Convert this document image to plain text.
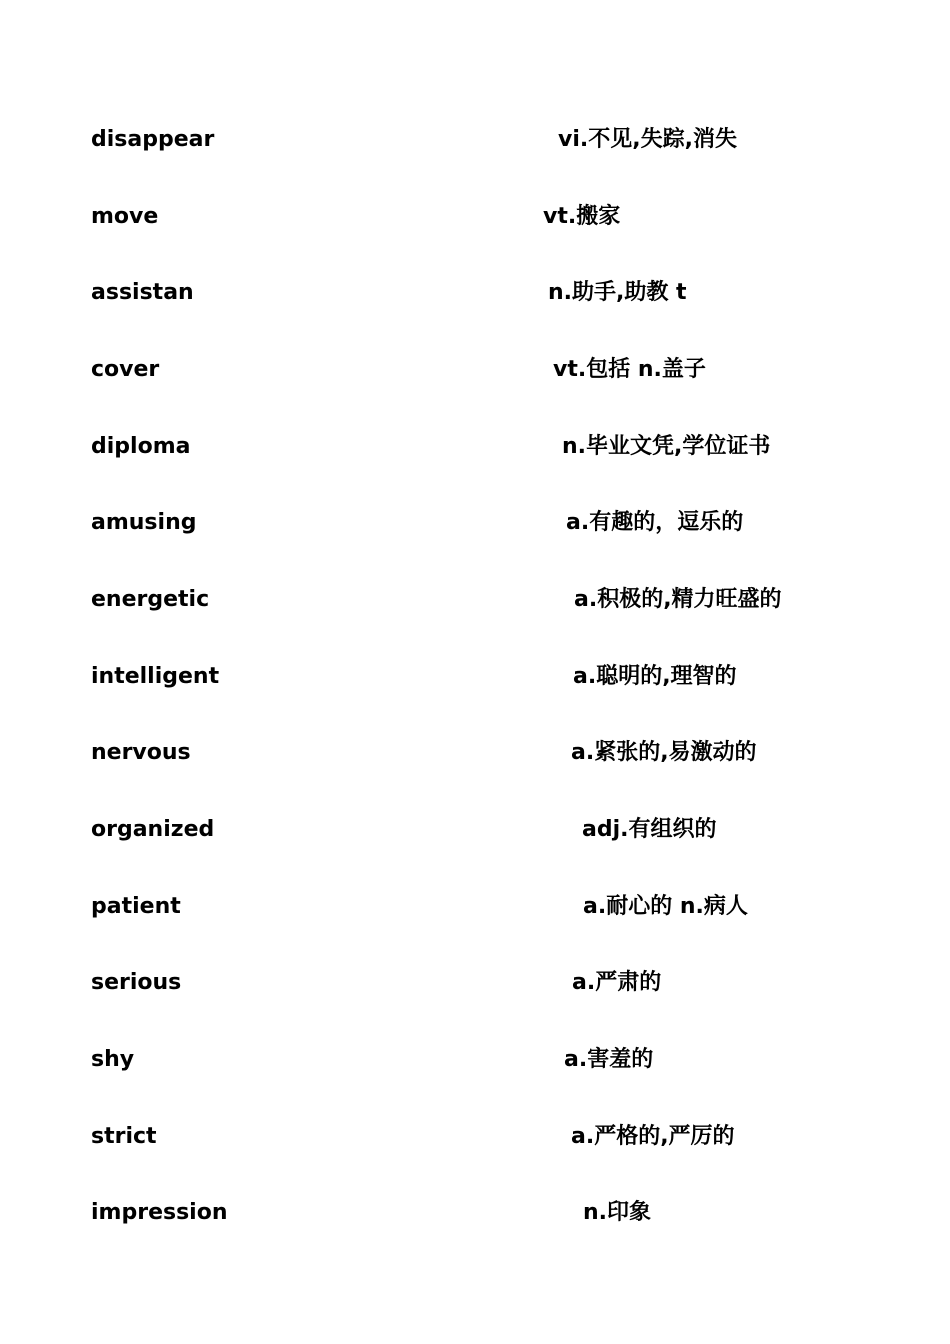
disappear	vi.不见,失踪,消失
move	vt.搬家
assistan	n.助手,助教 t
cover	vt.包括 n.盖子
diploma	n.毕业文凭,学位证书
amusing	a.有趣的，逗乐的
energetic	a.积极的,精力旺盛的
intelligent	a.聪明的,理智的
nervous	a.紧张的,易激动的
organized	adj.有组织的
patient	a.耐心的 n.病人
serious	a.严肃的
shy	a.害羞的
strict	a.严格的,严厉的
impression	n.印象
